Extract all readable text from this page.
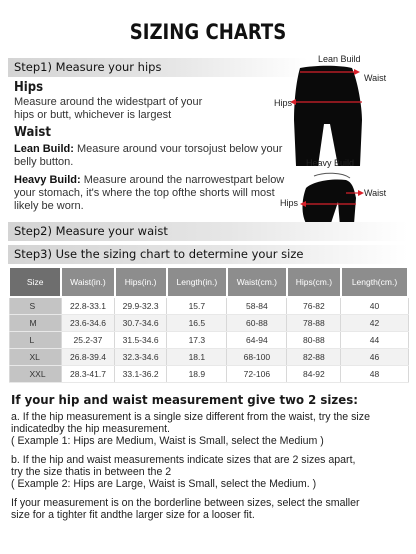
SIZING CHARTS
Step1) Measure your hips
Hips
Measure around the widestpart of your hips or butt, whichever is largest
Waist
Lean Build: Measure around vour torsojust below your belly button.
Heavy Build: Measure around the narrowestpart below your stomach, it's where the top ofthe shorts will most likely be worn.
Lean Build
Waist
Hips
Heavy Build
Waist
Hips
Step2) Measure your waist
Step3) Use the sizing chart to determine your size
Size	Waist(in.)	Hips(in.)	Length(in.)	Waist(cm.)	Hips(cm.)	Length(cm.)
S	22.8-33.1	29.9-32.3	15.7	58-84	76-82	40
M	23.6-34.6	30.7-34.6	16.5	60-88	78-88	42
L	25.2-37	31.5-34.6	17.3	64-94	80-88	44
XL	26.8-39.4	32.3-34.6	18.1	68-100	82-88	46
XXL	28.3-41.7	33.1-36.2	18.9	72-106	84-92	48
If your hip and waist measurement give two 2 sizes:
a. If the hip measurement is a single size different from the waist, try the size
indicatedby the hip measurement.
( Example 1: Hips are Medium, Waist is Small, select the Medium )
b. If the hip and waist measurements indicate sizes that are 2 sizes apart,
try the size thatis in between the 2
( Example 2: Hips are Large, Waist is Small, select the Medium. )
If your measurement is on the borderline between sizes, select the smaller
size for a tighter fit andthe larger size for a looser fit.
